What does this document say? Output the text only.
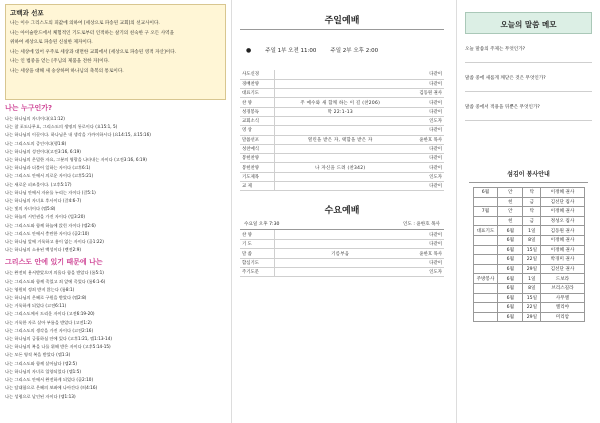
고백과 선포

나는 이수 그리스도의 피값에 의하여 [세상으로 파송된 교회]의 선교사이다.

나는 아이슬란드에서 체험적인 기도로부터 인적하는 살기의 친숙한 구 오든 사역을

위하여 세상으로 파송된 신실한 제자이다.

나는 세상에 있어 우주로 세상과 대면한 교회에서 [세상으로 파송된 영적 자산]이다.

나는 인 법중을 얻는 [주님의 제품을 전한 자]이다.

나는 세상을 대해 새 숭상하며 하나님의 축복의 통로이다.

나는 누구인가?

나는 하나님의 자녀이다(요1:12)

나는 참 포도나무요, 그리스도의 생명의 통로이다 (요15:1, 5)

나는 하나님의 이끌이다. 하나님은 내 생각을 가까이하시다 (요14:15, 요15:16)

나는 그리스도의 증인이다(행1:8)

나는 하나님의 성전이다(고전3:16, 6:19)

나는 하나님의 은밀한 자요, 그분의 영광을 나타내는 자이다 (고전3:16, 6:19)

나는 하나님과 더불어 일하는 자이다 (고후6:1)

나는 그리스도 안에서 의로운 자이다 (고후5:21)

나는 새로운 피조물이다. (고후5:17)

나는 하나님 안에서 자유를 누리는 자이다 (갈5:1)

나는 하나님의 자녀요 후사이다 (갈4:6-7)

나는 빛의 자녀이다 (엡5:8)

나는 하늘의 시민권을 가진 자이다 (빌3:20)

나는 그리스도와 함께 하늘에 앉힌 자이다 (엡2:6)

나는 그리스도 안에서 충만한 자이다 (골2:10)

나는 하나님 앞에 거룩하고 흠이 없는 자이다 (골1:22)

나는 하나님의 소유된 백성이다 (벧전2:9)

그리스도 안에 있기 때문에 나는

나는 완전히 용서받았으며 의롭다 함을 받았다 (롬5:1)

나는 그리스도와 함께 죽었고 죄 앞에 죽었다 (롬6:1-6)

나는 영원히 정죄 받지 않는다 (롬8:1)

나는 하나님의 은혜로 구원을 받았다 (엡2:8)

나는 거룩하게 되었다 (고전6:11)

나는 그리스도께서 드리운 자이다 (고전6:19-20)

나는 거룩한 자로 살아 부름을 받았다 (고전1:2)

나는 그리스도의 생각을 가진 자이다 (고전2:16)

나는 하나님의 긍휼하심 안에 있다 (고후1:21, 엡1:13-14)

나는 하나님의 복을 나를 위해 받은 자이다 (고후5:14-15)

나는 모든 영적 복을 받았다 (엡1:3)

나는 그리스도와 함께 살아났다 (엡2:5)

나는 하나님의 자녀로 입양되었다 (엡1:5)

나는 그리스도 안에서 완전하게 되었다 (골2:10)

나는 담대함으로 은혜의 보좌에 나아간다 (히4:16)

나는 성령으로 날인된 자이다 (엡1:13)

주일예배
●	주일 1부 오전 11:00	주일 2부 오후 2:00
사도신경		다같이
경배찬양		다같이
대표기도		김동원 권사
찬 양	주 예수와 새 함께 하는 이 길 (찬206)	다같이
성경봉독	막 22:1-13	다같이
교회소식		인도자
영 상		다같이
말씀선포	열린을 받은 자, 택함을 받은 자	윤한호 목사
성찬예식		다같이
봉헌찬양		다같이
봉헌찬양	나 자신을 드려 (찬342)	다같이
기도제목		인도자
교 제		다같이
수요예배
수요일 오후 7:30	인도 : 윤한호 목사
찬 양		다같이
기 도		다같이
말 씀	기름부음	윤한호 목사
합심기도		다같이
주기도문		인도자
오늘의 말씀 메모
오늘 말씀의 주제는 무엇인가?
말씀 중에 새롭게 깨닫은 것은 무엇인가?
말씀 중에서 적용을 뒤뿐은 무엇인가?
섬김이 봉사안내
6월	안	탁	이정혜 권사
	헌	금	김선단 집사
7월	안	탁	이정혜 권사
	헌	금	정성오 집사
대표기도	6월	1일	김동원 권사
	6월	8일	이정혜 권사
	6월	15일	이정혜 권사
	6월	22일	박경미 권사
	6월	29일	김선단 권사
주방봉사	6월	1일	드보라
	6월	8일	브리스길라
	6월	15일	사무엘
	6월	22일	엘리야
	6월	29일	미리암
